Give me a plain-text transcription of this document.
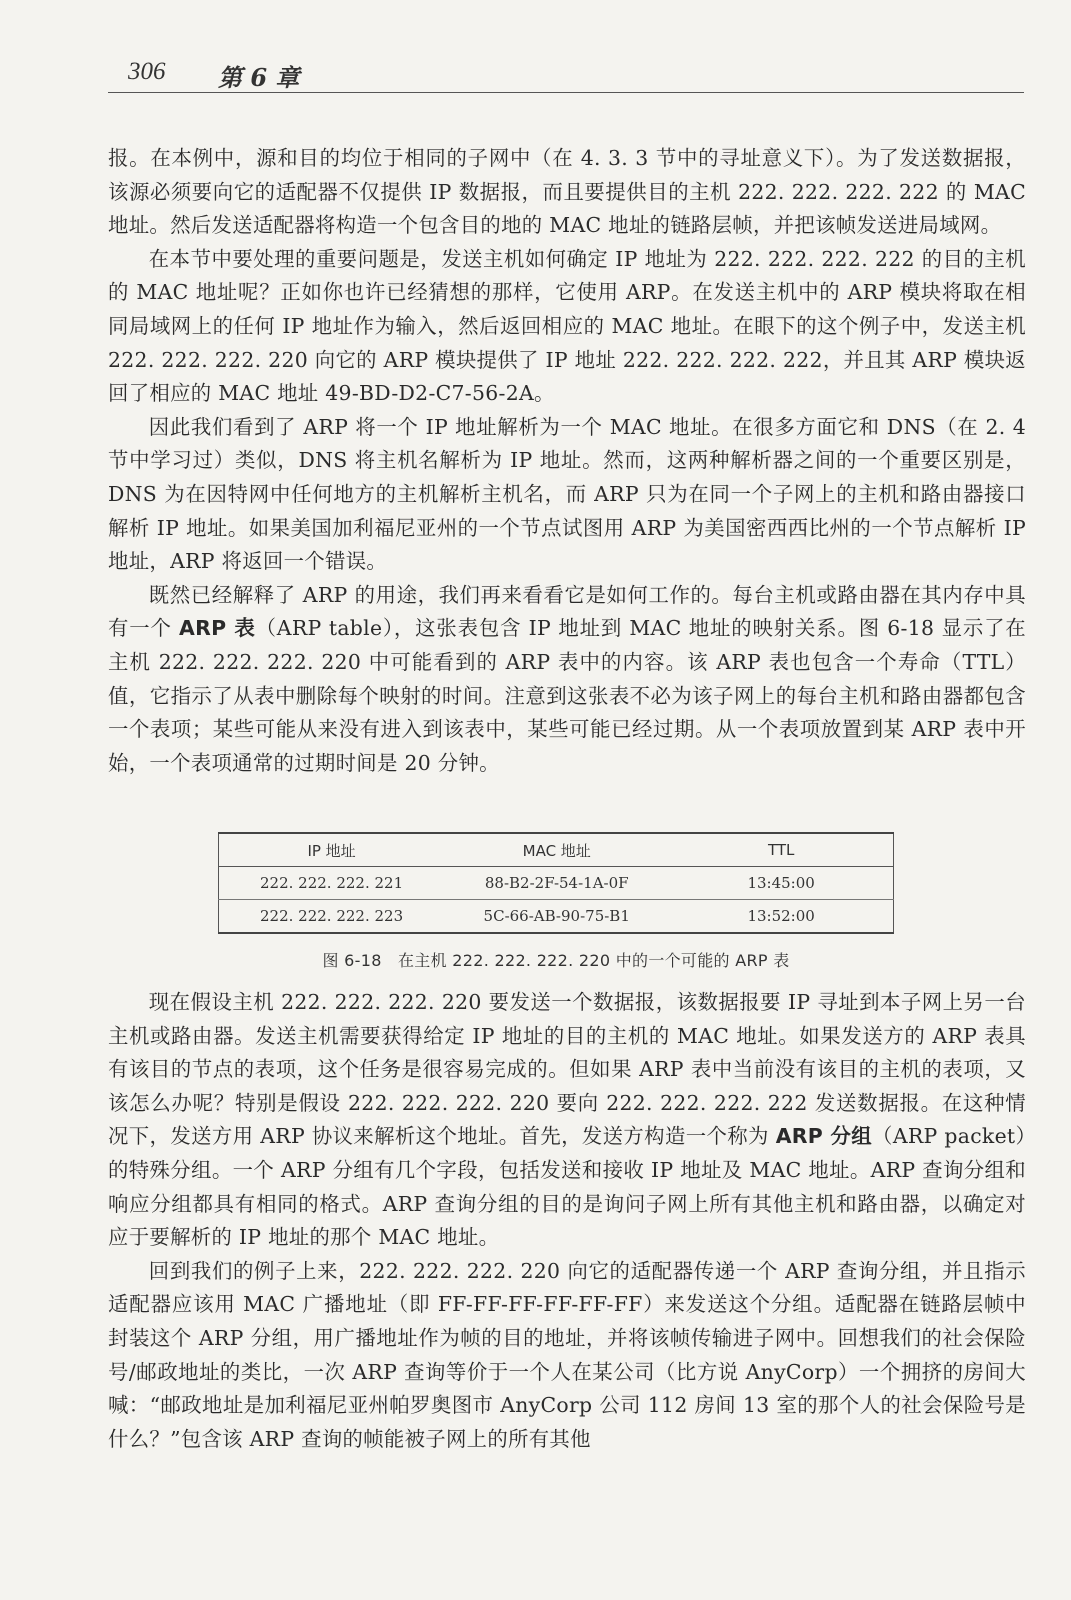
306 第 6 章

报。在本例中，源和目的均位于相同的子网中（在 4. 3. 3 节中的寻址意义下）。为了发送数据报，该源必须要向它的适配器不仅提供 IP 数据报，而且要提供目的主机 222. 222. 222. 222 的 MAC 地址。然后发送适配器将构造一个包含目的地的 MAC 地址的链路层帧，并把该帧发送进局域网。

在本节中要处理的重要问题是，发送主机如何确定 IP 地址为 222. 222. 222. 222 的目的主机的 MAC 地址呢？正如你也许已经猜想的那样，它使用 ARP。在发送主机中的 ARP 模块将取在相同局域网上的任何 IP 地址作为输入，然后返回相应的 MAC 地址。在眼下的这个例子中，发送主机 222. 222. 222. 220 向它的 ARP 模块提供了 IP 地址 222. 222. 222. 222，并且其 ARP 模块返回了相应的 MAC 地址 49-BD-D2-C7-56-2A。

因此我们看到了 ARP 将一个 IP 地址解析为一个 MAC 地址。在很多方面它和 DNS（在 2. 4 节中学习过）类似，DNS 将主机名解析为 IP 地址。然而，这两种解析器之间的一个重要区别是，DNS 为在因特网中任何地方的主机解析主机名，而 ARP 只为在同一个子网上的主机和路由器接口解析 IP 地址。如果美国加利福尼亚州的一个节点试图用 ARP 为美国密西西比州的一个节点解析 IP 地址，ARP 将返回一个错误。

既然已经解释了 ARP 的用途，我们再来看看它是如何工作的。每台主机或路由器在其内存中具有一个 ARP 表（ARP table），这张表包含 IP 地址到 MAC 地址的映射关系。图 6-18 显示了在主机 222. 222. 222. 220 中可能看到的 ARP 表中的内容。该 ARP 表也包含一个寿命（TTL）值，它指示了从表中删除每个映射的时间。注意到这张表不必为该子网上的每台主机和路由器都包含一个表项；某些可能从来没有进入到该表中，某些可能已经过期。从一个表项放置到某 ARP 表中开始，一个表项通常的过期时间是 20 分钟。

IP 地址	MAC 地址	TTL
222. 222. 222. 221	88-B2-2F-54-1A-0F	13:45:00
222. 222. 222. 223	5C-66-AB-90-75-B1	13:52:00
图 6-18　在主机 222. 222. 222. 220 中的一个可能的 ARP 表

现在假设主机 222. 222. 222. 220 要发送一个数据报，该数据报要 IP 寻址到本子网上另一台主机或路由器。发送主机需要获得给定 IP 地址的目的主机的 MAC 地址。如果发送方的 ARP 表具有该目的节点的表项，这个任务是很容易完成的。但如果 ARP 表中当前没有该目的主机的表项，又该怎么办呢？特别是假设 222. 222. 222. 220 要向 222. 222. 222. 222 发送数据报。在这种情况下，发送方用 ARP 协议来解析这个地址。首先，发送方构造一个称为 ARP 分组（ARP packet）的特殊分组。一个 ARP 分组有几个字段，包括发送和接收 IP 地址及 MAC 地址。ARP 查询分组和响应分组都具有相同的格式。ARP 查询分组的目的是询问子网上所有其他主机和路由器，以确定对应于要解析的 IP 地址的那个 MAC 地址。

回到我们的例子上来，222. 222. 222. 220 向它的适配器传递一个 ARP 查询分组，并且指示适配器应该用 MAC 广播地址（即 FF-FF-FF-FF-FF-FF）来发送这个分组。适配器在链路层帧中封装这个 ARP 分组，用广播地址作为帧的目的地址，并将该帧传输进子网中。回想我们的社会保险号/邮政地址的类比，一次 ARP 查询等价于一个人在某公司（比方说 AnyCorp）一个拥挤的房间大喊：“邮政地址是加利福尼亚州帕罗奥图市 AnyCorp 公司 112 房间 13 室的那个人的社会保险号是什么？”包含该 ARP 查询的帧能被子网上的所有其他
